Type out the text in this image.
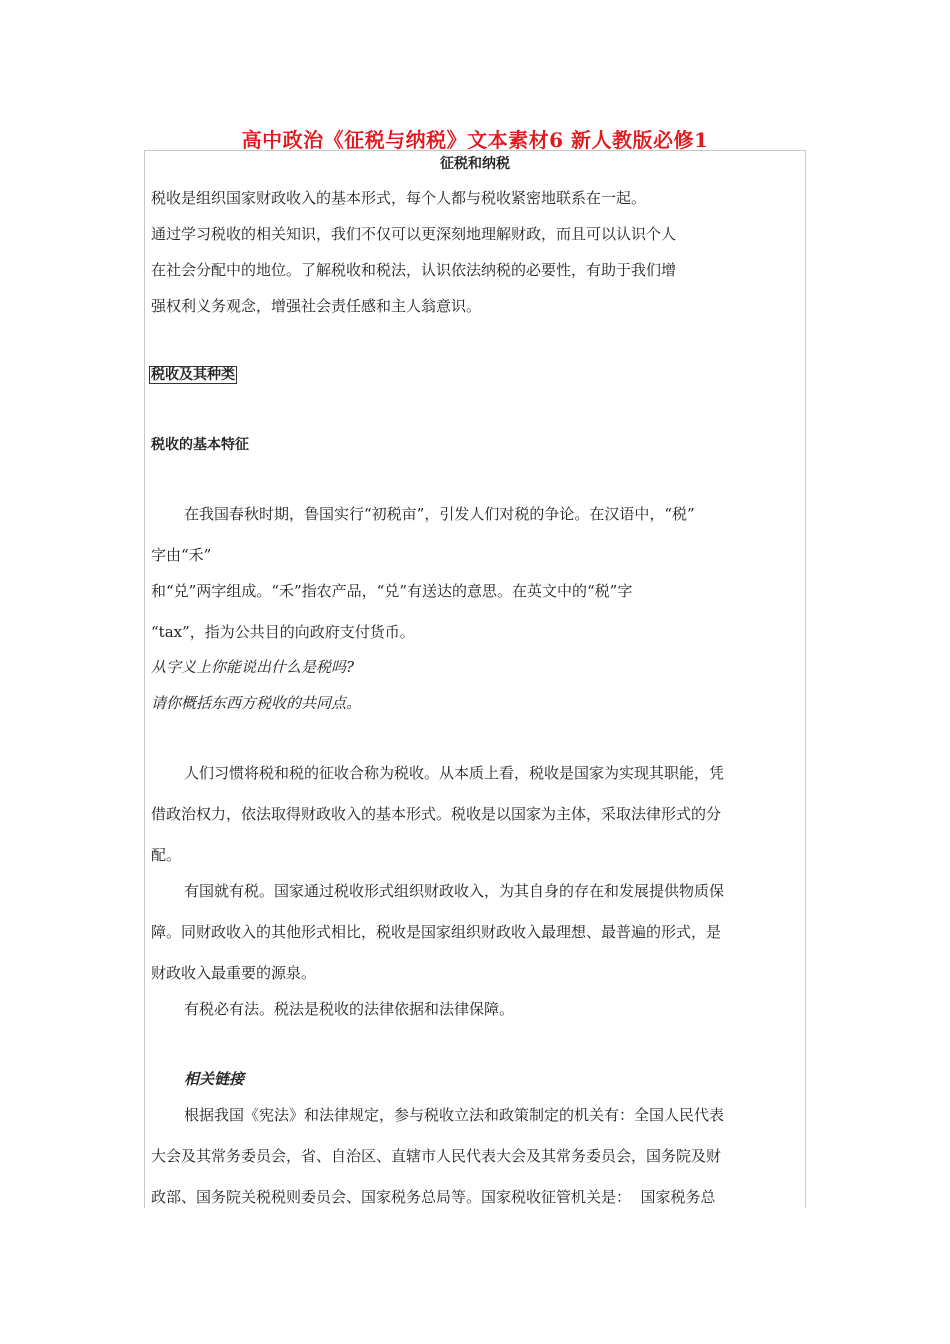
高中政治《征税与纳税》文本素材6 新人教版必修1
征税和纳税
税收是组织国家财政收入的基本形式，每个人都与税收紧密地联系在一起。
通过学习税收的相关知识，我们不仅可以更深刻地理解财政，而且可以认识个人
在社会分配中的地位。了解税收和税法，认识依法纳税的必要性，有助于我们增
强权利义务观念，增强社会责任感和主人翁意识。
税收及其种类
税收的基本特征
在我国春秋时期，鲁国实行“初税亩”，引发人们对税的争论。在汉语中，“税”
字由“禾”
和“兑”两字组成。“禾”指农产品，“兑”有送达的意思。在英文中的“税”字
“tax”，指为公共目的向政府支付货币。
从字义上你能说出什么是税吗?
请你概括东西方税收的共同点。
人们习惯将税和税的征收合称为税收。从本质上看，税收是国家为实现其职能，凭
借政治权力，依法取得财政收入的基本形式。税收是以国家为主体，采取法律形式的分
配。
有国就有税。国家通过税收形式组织财政收入，为其自身的存在和发展提供物质保
障。同财政收入的其他形式相比，税收是国家组织财政收入最理想、最普遍的形式，是
财政收入最重要的源泉。
有税必有法。税法是税收的法律依据和法律保障。
相关链接
根据我国《宪法》和法律规定，参与税收立法和政策制定的机关有：全国人民代表
大会及其常务委员会，省、自治区、直辖市人民代表大会及其常务委员会，国务院及财
政部、国务院关税税则委员会、国家税务总局等。国家税收征管机关是：  国家税务总
